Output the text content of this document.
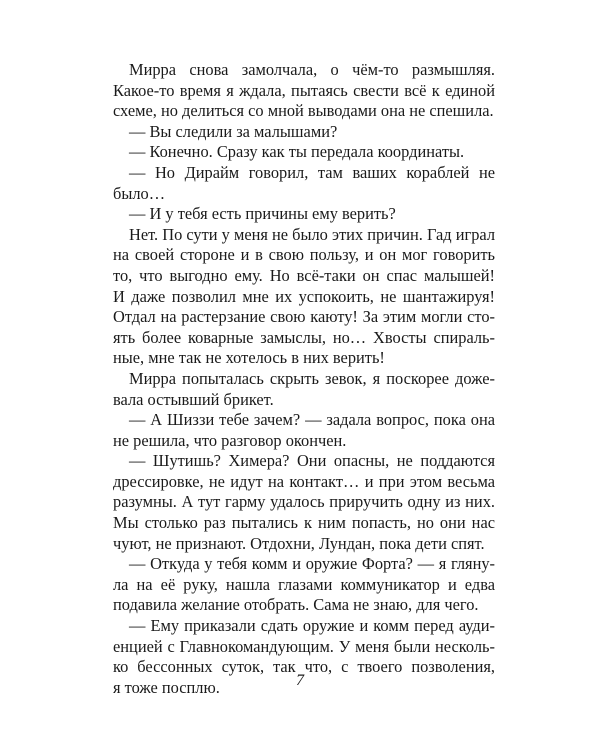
Мирра снова замолчала, о чём-то размышляя.
Какое-то время я ждала, пытаясь свести всё к единой
схеме, но делиться со мной выводами она не спешила.
— Вы следили за малышами?
— Конечно. Сразу как ты передала координаты.
— Но Дирайм говорил, там ваших кораблей не
было…
— И у тебя есть причины ему верить?
Нет. По сути у меня не было этих причин. Гад играл
на своей стороне и в свою пользу, и он мог говорить
то, что выгодно ему. Но всё-таки он спас малышей!
И даже позволил мне их успокоить, не шантажируя!
Отдал на растерзание свою каюту! За этим могли сто-
ять более коварные замыслы, но… Хвосты спираль-
ные, мне так не хотелось в них верить!
Мирра попыталась скрыть зевок, я поскорее доже-
вала остывший брикет.
— А Шиззи тебе зачем? — задала вопрос, пока она
не решила, что разговор окончен.
— Шутишь? Химера? Они опасны, не поддаются
дрессировке, не идут на контакт… и при этом весьма
разумны. А тут гарму удалось приручить одну из них.
Мы столько раз пытались к ним попасть, но они нас
чуют, не признают. Отдохни, Лундан, пока дети спят.
— Откуда у тебя комм и оружие Форта? — я гляну-
ла на её руку, нашла глазами коммуникатор и едва
подавила желание отобрать. Сама не знаю, для чего.
— Ему приказали сдать оружие и комм перед ауди-
енцией с Главнокомандующим. У меня были несколь-
ко бессонных суток, так что, с твоего позволения,
я тоже посплю.	7
